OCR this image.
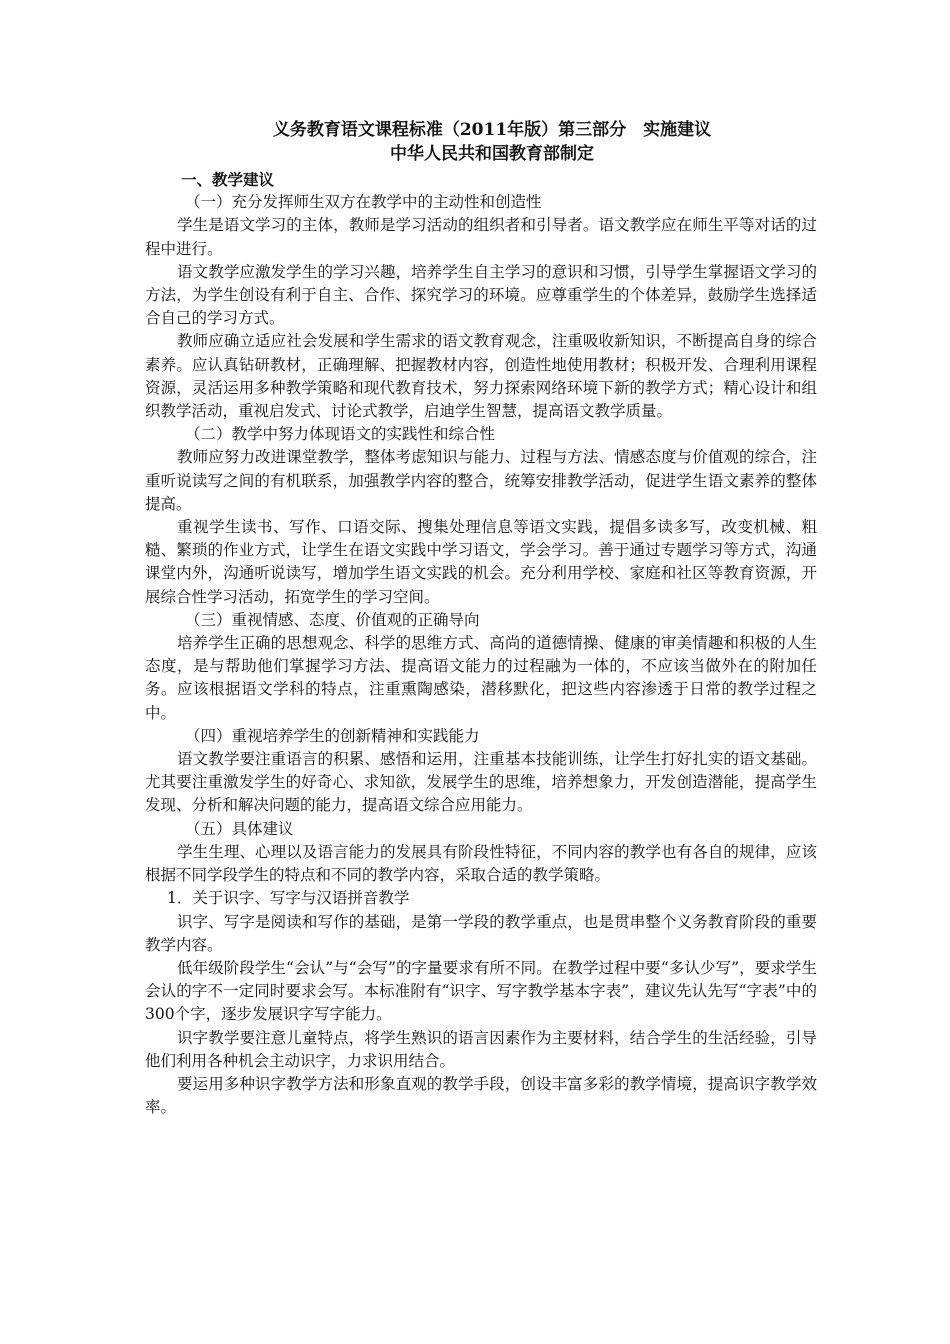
义务教育语文课程标准（2011年版）第三部分　实施建议
中华人民共和国教育部制定
一、教学建议
（一）充分发挥师生双方在教学中的主动性和创造性

学生是语文学习的主体，教师是学习活动的组织者和引导者。语文教学应在师生平等对话的过程中进行。

语文教学应激发学生的学习兴趣，培养学生自主学习的意识和习惯，引导学生掌握语文学习的方法，为学生创设有利于自主、合作、探究学习的环境。应尊重学生的个体差异，鼓励学生选择适合自己的学习方式。

教师应确立适应社会发展和学生需求的语文教育观念，注重吸收新知识，不断提高自身的综合素养。应认真钻研教材，正确理解、把握教材内容，创造性地使用教材；积极开发、合理利用课程资源，灵活运用多种教学策略和现代教育技术，努力探索网络环境下新的教学方式；精心设计和组织教学活动，重视启发式、讨论式教学，启迪学生智慧，提高语文教学质量。

（二）教学中努力体现语文的实践性和综合性

教师应努力改进课堂教学，整体考虑知识与能力、过程与方法、情感态度与价值观的综合，注重听说读写之间的有机联系，加强教学内容的整合，统筹安排教学活动，促进学生语文素养的整体提高。

重视学生读书、写作、口语交际、搜集处理信息等语文实践，提倡多读多写，改变机械、粗糙、繁琐的作业方式，让学生在语文实践中学习语文，学会学习。善于通过专题学习等方式，沟通课堂内外，沟通听说读写，增加学生语文实践的机会。充分利用学校、家庭和社区等教育资源，开展综合性学习活动，拓宽学生的学习空间。

（三）重视情感、态度、价值观的正确导向

培养学生正确的思想观念、科学的思维方式、高尚的道德情操、健康的审美情趣和积极的人生态度，是与帮助他们掌握学习方法、提高语文能力的过程融为一体的，不应该当做外在的附加任务。应该根据语文学科的特点，注重熏陶感染，潜移默化，把这些内容渗透于日常的教学过程之中。

（四）重视培养学生的创新精神和实践能力

语文教学要注重语言的积累、感悟和运用，注重基本技能训练，让学生打好扎实的语文基础。尤其要注重激发学生的好奇心、求知欲，发展学生的思维，培养想象力，开发创造潜能，提高学生发现、分析和解决问题的能力，提高语文综合应用能力。

（五）具体建议

学生生理、心理以及语言能力的发展具有阶段性特征，不同内容的教学也有各自的规律，应该根据不同学段学生的特点和不同的教学内容，采取合适的教学策略。

1．关于识字、写字与汉语拼音教学

识字、写字是阅读和写作的基础，是第一学段的教学重点，也是贯串整个义务教育阶段的重要教学内容。

低年级阶段学生“会认”与“会写”的字量要求有所不同。在教学过程中要“多认少写”，要求学生会认的字不一定同时要求会写。本标准附有“识字、写字教学基本字表”，建议先认先写“字表”中的300个字，逐步发展识字写字能力。

识字教学要注意儿童特点，将学生熟识的语言因素作为主要材料，结合学生的生活经验，引导他们利用各种机会主动识字，力求识用结合。

要运用多种识字教学方法和形象直观的教学手段，创设丰富多彩的教学情境，提高识字教学效率。
